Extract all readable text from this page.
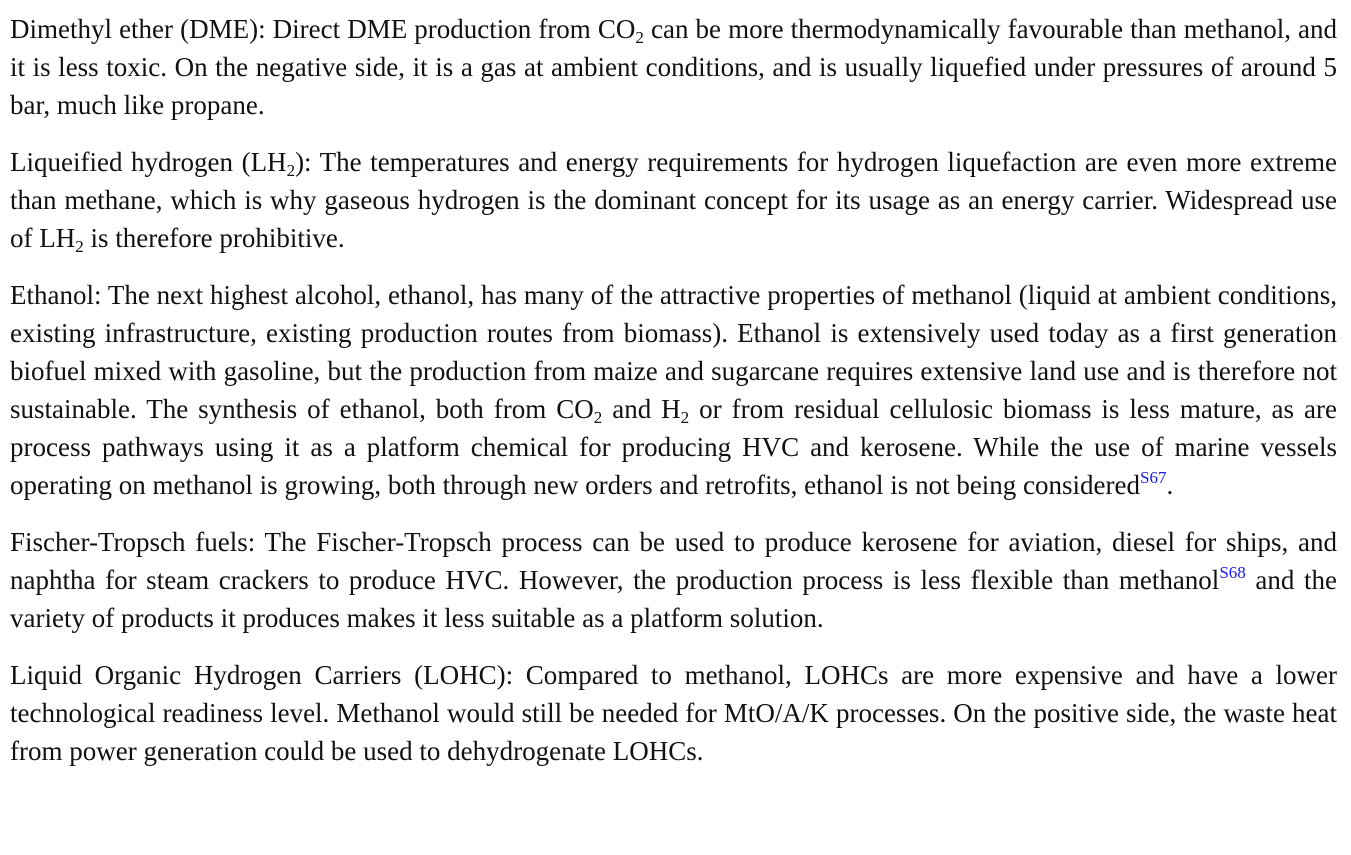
Dimethyl ether (DME): Direct DME production from $CO_2$ can be more thermodynamically favourable than methanol, and it is less toxic. On the negative side, it is a gas at ambient conditions, and is usually liquefied under pressures of around 5 bar, much like propane.

Liqueified hydrogen $(LH_2)$: The temperatures and energy requirements for hydrogen liquefaction are even more extreme than methane, which is why gaseous hydrogen is the dominant concept for its usage as an energy carrier. Widespread use of $LH_2$ is therefore prohibitive.

Ethanol: The next highest alcohol, ethanol, has many of the attractive properties of methanol (liquid at ambient conditions, existing infrastructure, existing production routes from biomass). Ethanol is extensively used today as a first generation biofuel mixed with gasoline, but the production from maize and sugarcane requires extensive land use and is therefore not sustainable. The synthesis of ethanol, both from $CO_2$ and $H_2$ or from residual cellulosic biomass is less mature, as are process pathways using it as a platform chemical for producing HVC and kerosene. While the use of marine vessels operating on methanol is growing, both through new orders and retrofits, ethanol is not being considered$^{S67}$.

Fischer-Tropsch fuels: The Fischer-Tropsch process can be used to produce kerosene for aviation, diesel for ships, and naphtha for steam crackers to produce HVC. However, the production process is less flexible than methanol$^{S68}$ and the variety of products it produces makes it less suitable as a platform solution.

Liquid Organic Hydrogen Carriers (LOHC): Compared to methanol, LOHCs are more expensive and have a lower technological readiness level. Methanol would still be needed for MtO/A/K processes. On the positive side, the waste heat from power generation could be used to dehydrogenate LOHCs.
